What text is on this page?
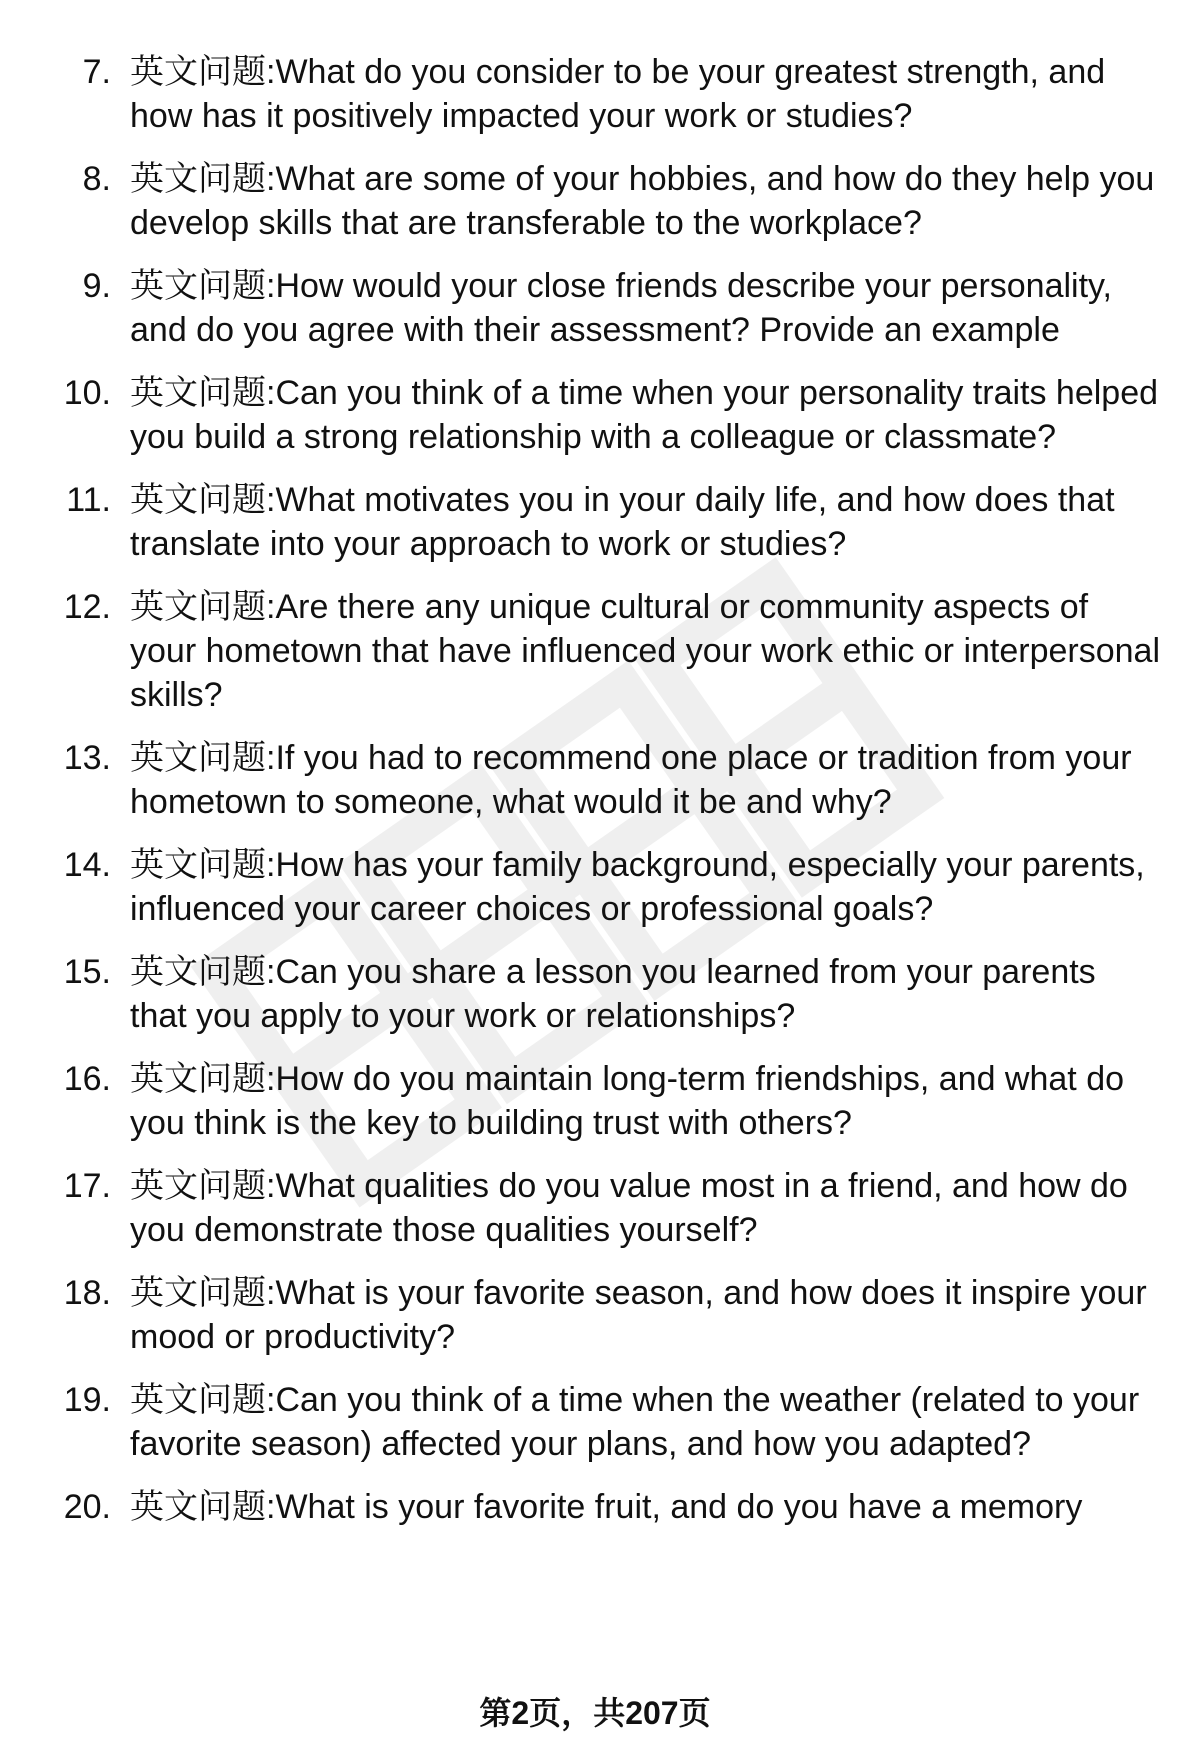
7. 英文问题:What do you consider to be your greatest strength, and how has it positively impacted your work or studies?
8. 英文问题:What are some of your hobbies, and how do they help you develop skills that are transferable to the workplace?
9. 英文问题:How would your close friends describe your personality, and do you agree with their assessment? Provide an example
10. 英文问题:Can you think of a time when your personality traits helped you build a strong relationship with a colleague or classmate?
11. 英文问题:What motivates you in your daily life, and how does that translate into your approach to work or studies?
12. 英文问题:Are there any unique cultural or community aspects of your hometown that have influenced your work ethic or interpersonal skills?
13. 英文问题:If you had to recommend one place or tradition from your hometown to someone, what would it be and why?
14. 英文问题:How has your family background, especially your parents, influenced your career choices or professional goals?
15. 英文问题:Can you share a lesson you learned from your parents that you apply to your work or relationships?
16. 英文问题:How do you maintain long-term friendships, and what do you think is the key to building trust with others?
17. 英文问题:What qualities do you value most in a friend, and how do you demonstrate those qualities yourself?
18. 英文问题:What is your favorite season, and how does it inspire your mood or productivity?
19. 英文问题:Can you think of a time when the weather (related to your favorite season) affected your plans, and how you adapted?
20. 英文问题:What is your favorite fruit, and do you have a memory
第2页，共207页
